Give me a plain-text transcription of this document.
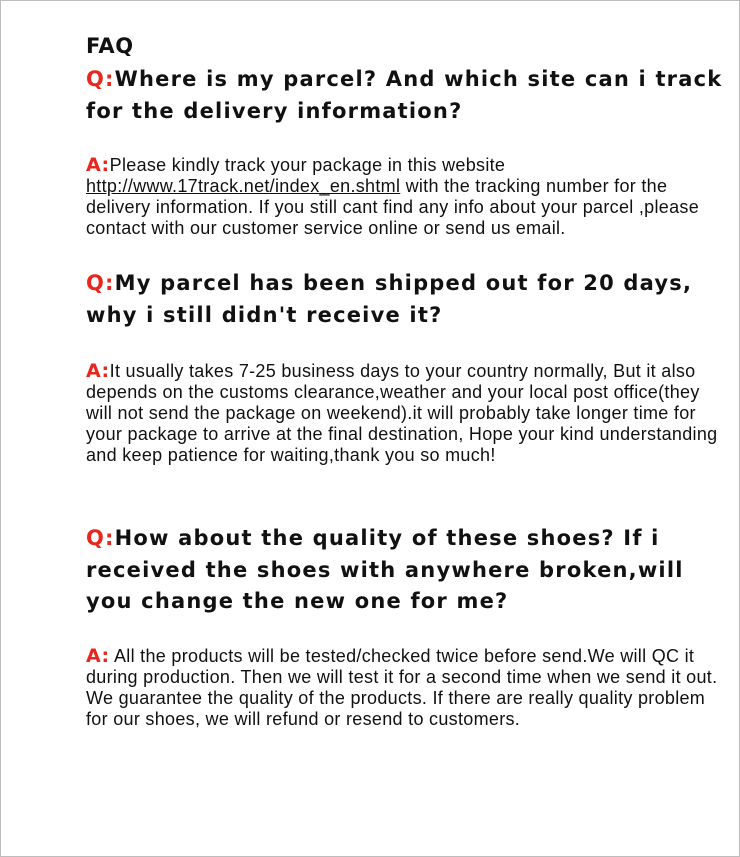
FAQ
Q:Where is my parcel? And which site can i track for the delivery information?
A:Please kindly track your package in this website
http://www.17track.net/index_en.shtml with the tracking number for the delivery information. If you still cant find any info about your parcel ,please contact with our customer service online or send us email.
Q:My parcel has been shipped out for 20 days, why i still didn't receive it?
A:It usually takes 7-25 business days to your country normally, But it also depends on the customs clearance,weather and your local post office(they will not send the package on weekend).it will probably take longer time for your package to arrive at the final destination, Hope your kind understanding and keep patience for waiting,thank you so much!
Q:How about the quality of these shoes? If i received the shoes with anywhere broken,will you change the new one for me?
A: All the products will be tested/checked twice before send.We will QC it during production. Then we will test it for a second time when we send it out. We guarantee the quality of the products. If there are really quality problem for our shoes, we will refund or resend to customers.
